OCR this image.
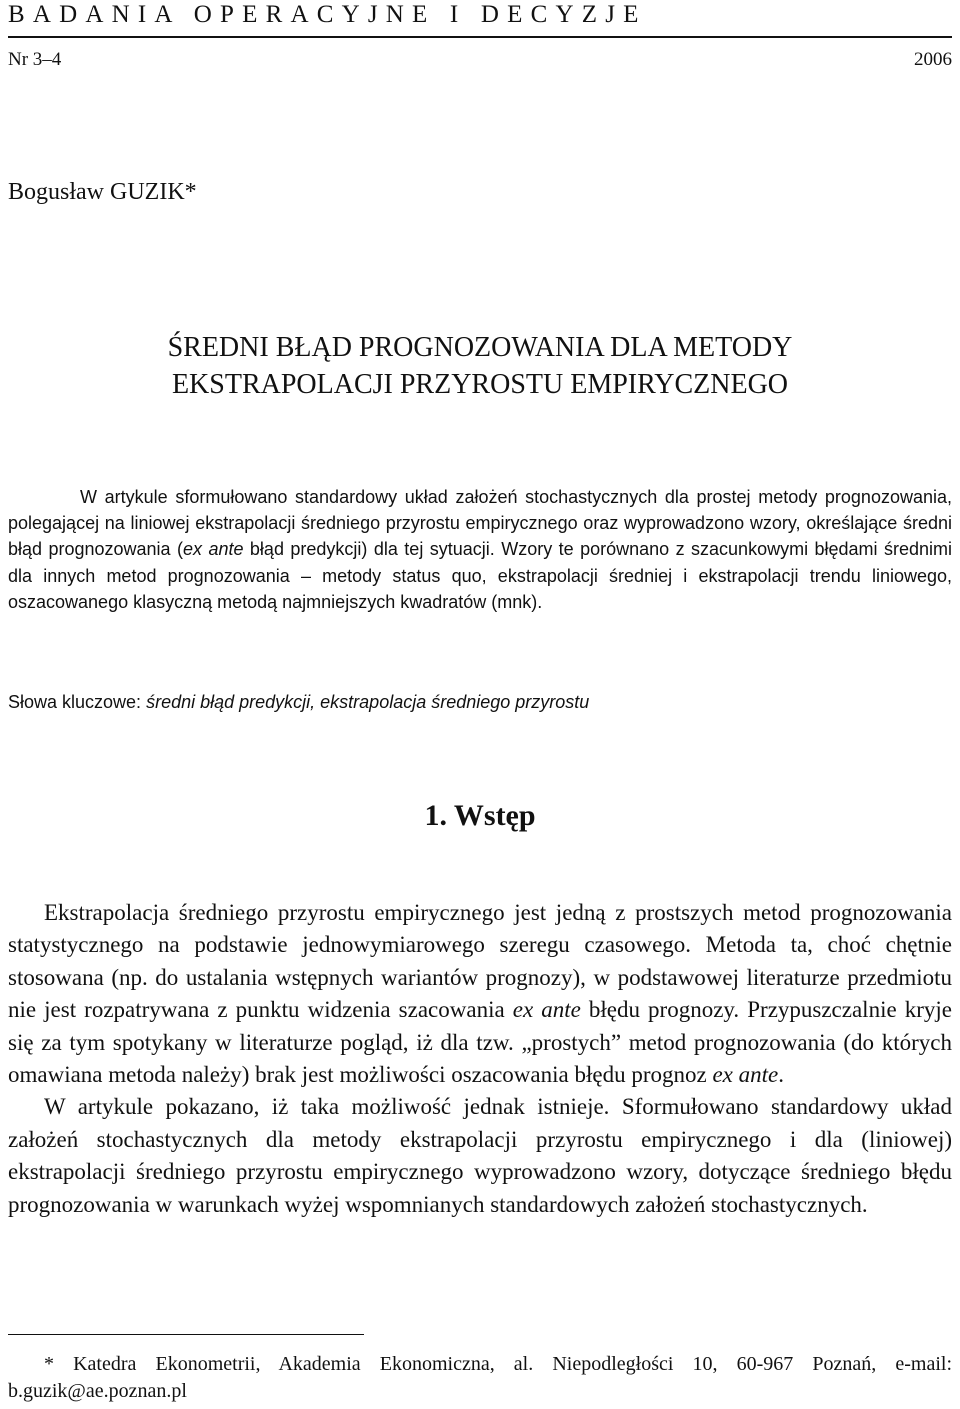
BADANIA OPERACYJNE I DECYZJE
Nr 3–4	2006
Bogusław GUZIK*
ŚREDNI BŁĄD PROGNOZOWANIA DLA METODY
EKSTRAPOLACJI PRZYROSTU EMPIRYCZNEGO
W artykule sformułowano standardowy układ założeń stochastycznych dla prostej metody prognozowania, polegającej na liniowej ekstrapolacji średniego przyrostu empirycznego oraz wyprowadzono wzory, określające średni błąd prognozowania (ex ante błąd predykcji) dla tej sytuacji. Wzory te porównano z szacunkowymi błędami średnimi dla innych metod prognozowania – metody status quo, ekstrapolacji średniej i ekstrapolacji trendu liniowego, oszacowanego klasyczną metodą najmniejszych kwadratów (mnk).
Słowa kluczowe: średni błąd predykcji, ekstrapolacja średniego przyrostu
1. Wstęp

Ekstrapolacja średniego przyrostu empirycznego jest jedną z prostszych metod prognozowania statystycznego na podstawie jednowymiarowego szeregu czasowego. Metoda ta, choć chętnie stosowana (np. do ustalania wstępnych wariantów prognozy), w podstawowej literaturze przedmiotu nie jest rozpatrywana z punktu widzenia szacowania ex ante błędu prognozy. Przypuszczalnie kryje się za tym spotykany w literaturze pogląd, iż dla tzw. „prostych” metod prognozowania (do których omawiana metoda należy) brak jest możliwości oszacowania błędu prognoz ex ante.

W artykule pokazano, iż taka możliwość jednak istnieje. Sformułowano standardowy układ założeń stochastycznych dla metody ekstrapolacji przyrostu empirycznego i dla (liniowej) ekstrapolacji średniego przyrostu empirycznego wyprowadzono wzory, dotyczące średniego błędu prognozowania w warunkach wyżej wspomnianych standardowych założeń stochastycznych.

* Katedra Ekonometrii, Akademia Ekonomiczna, al. Niepodległości 10, 60-967 Poznań, e-mail: b.guzik@ae.poznan.pl
